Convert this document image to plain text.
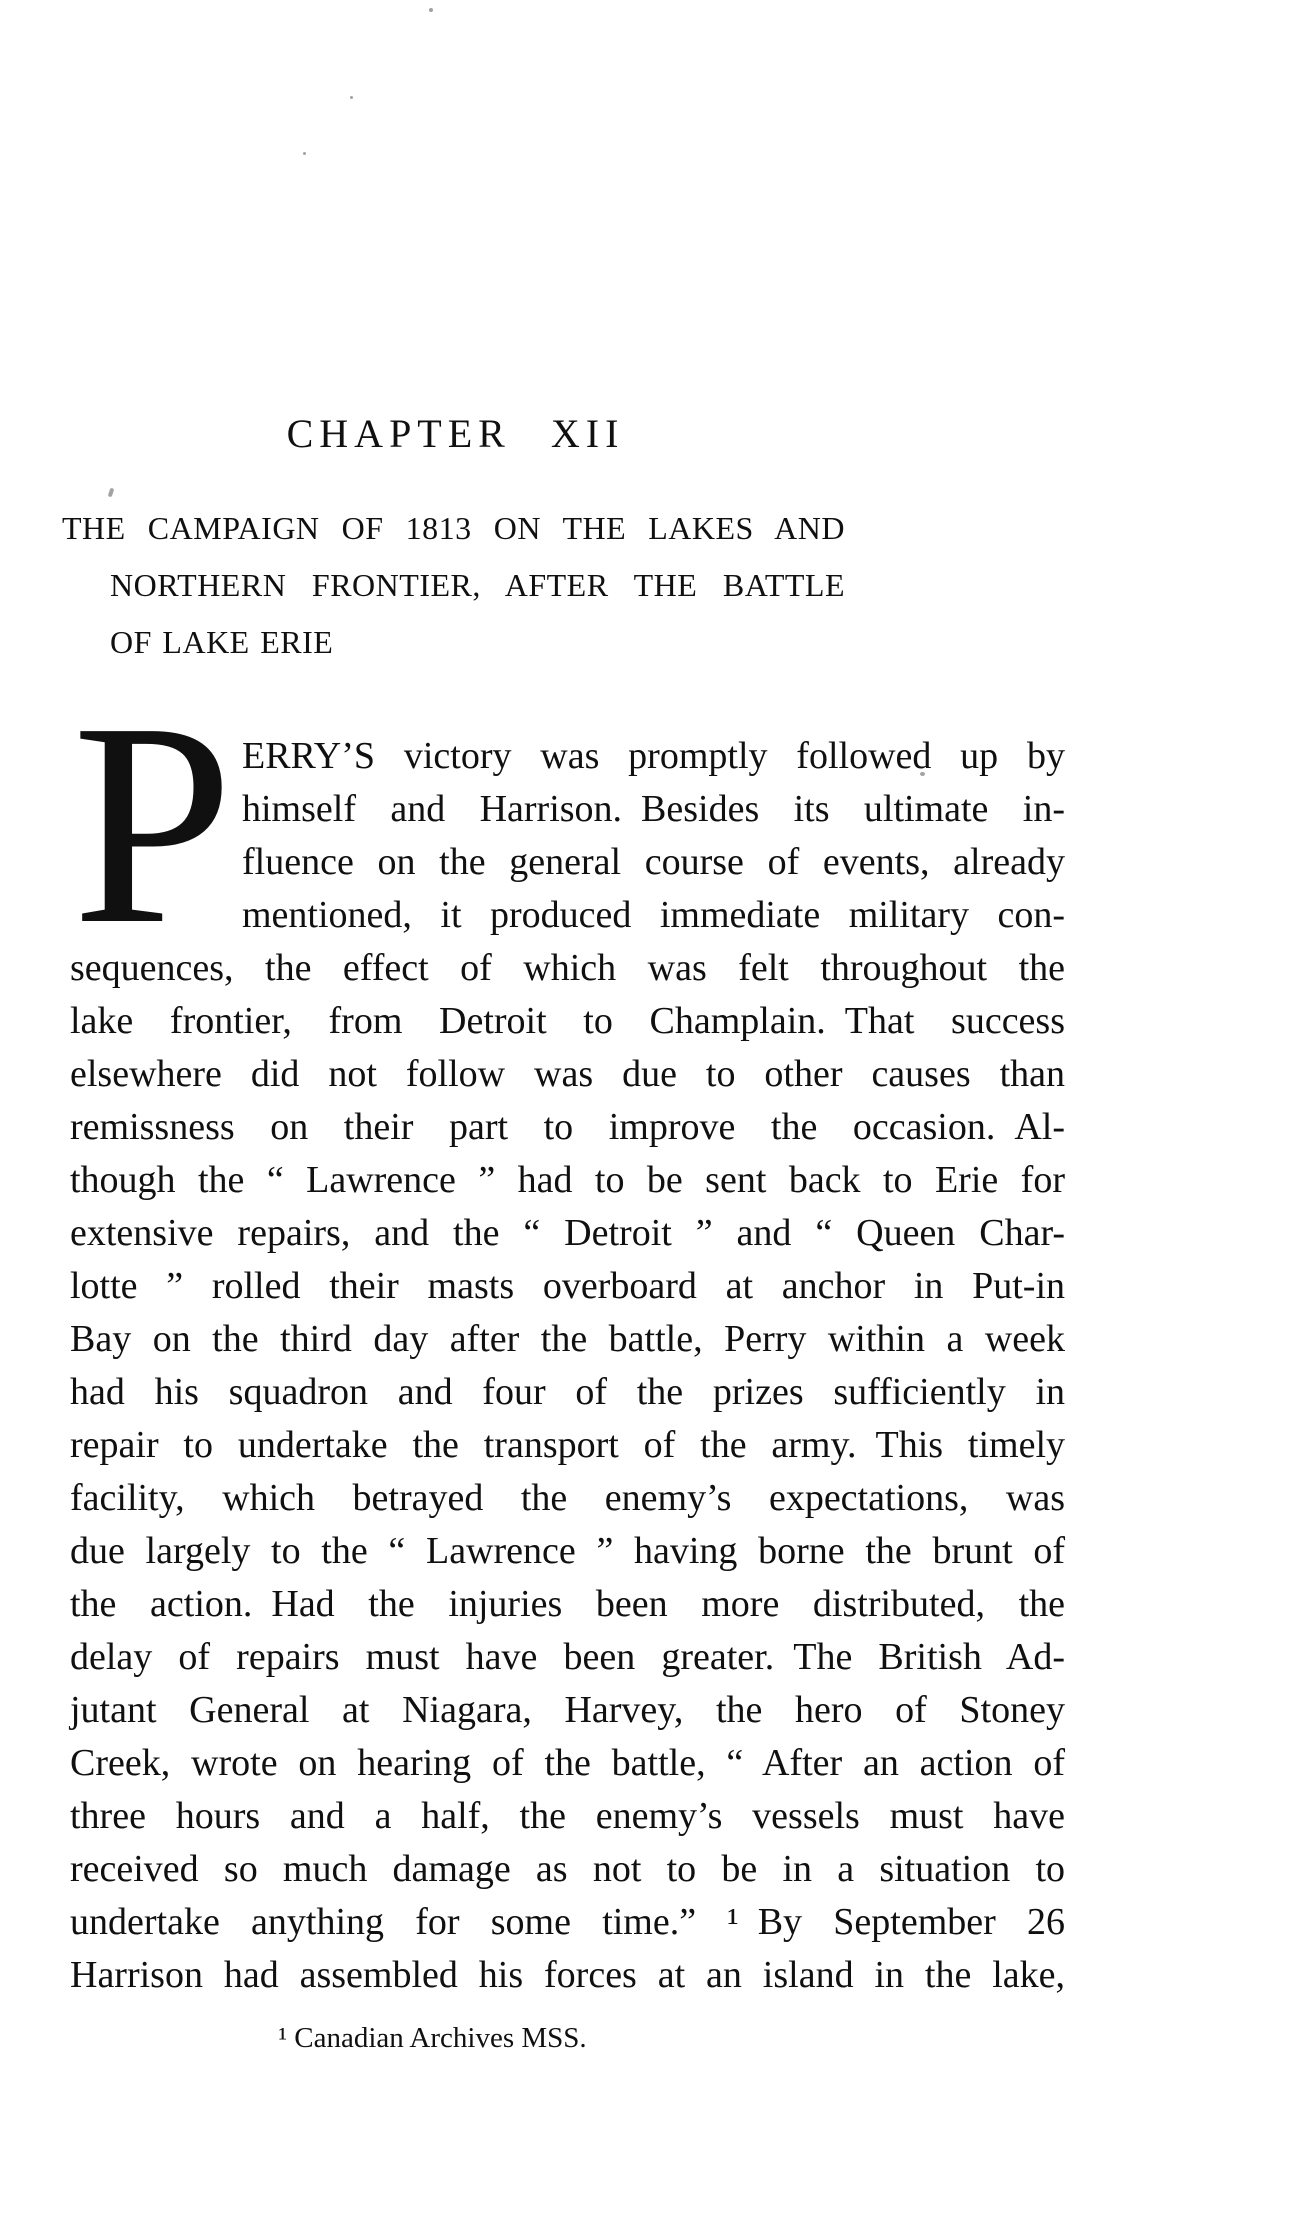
CHAPTER XII
THE CAMPAIGN OF 1813 ON THE LAKES AND
NORTHERN FRONTIER, AFTER THE BATTLE
OF LAKE ERIE
P ERRY’S victory was promptly followed up by
himself and Harrison. Besides its ultimate in-
fluence on the general course of events, already
mentioned, it produced immediate military con-
sequences, the effect of which was felt throughout the
lake frontier, from Detroit to Champlain. That success
elsewhere did not follow was due to other causes than
remissness on their part to improve the occasion. Al-
though the “ Lawrence ” had to be sent back to Erie for
extensive repairs, and the “ Detroit ” and “ Queen Char-
lotte ” rolled their masts overboard at anchor in Put-in
Bay on the third day after the battle, Perry within a week
had his squadron and four of the prizes sufficiently in
repair to undertake the transport of the army. This timely
facility, which betrayed the enemy’s expectations, was
due largely to the “ Lawrence ” having borne the brunt of
the action. Had the injuries been more distributed, the
delay of repairs must have been greater. The British Ad-
jutant General at Niagara, Harvey, the hero of Stoney
Creek, wrote on hearing of the battle, “ After an action of
three hours and a half, the enemy’s vessels must have
received so much damage as not to be in a situation to
undertake anything for some time.” ¹ By September 26
Harrison had assembled his forces at an island in the lake,
¹ Canadian Archives MSS.
